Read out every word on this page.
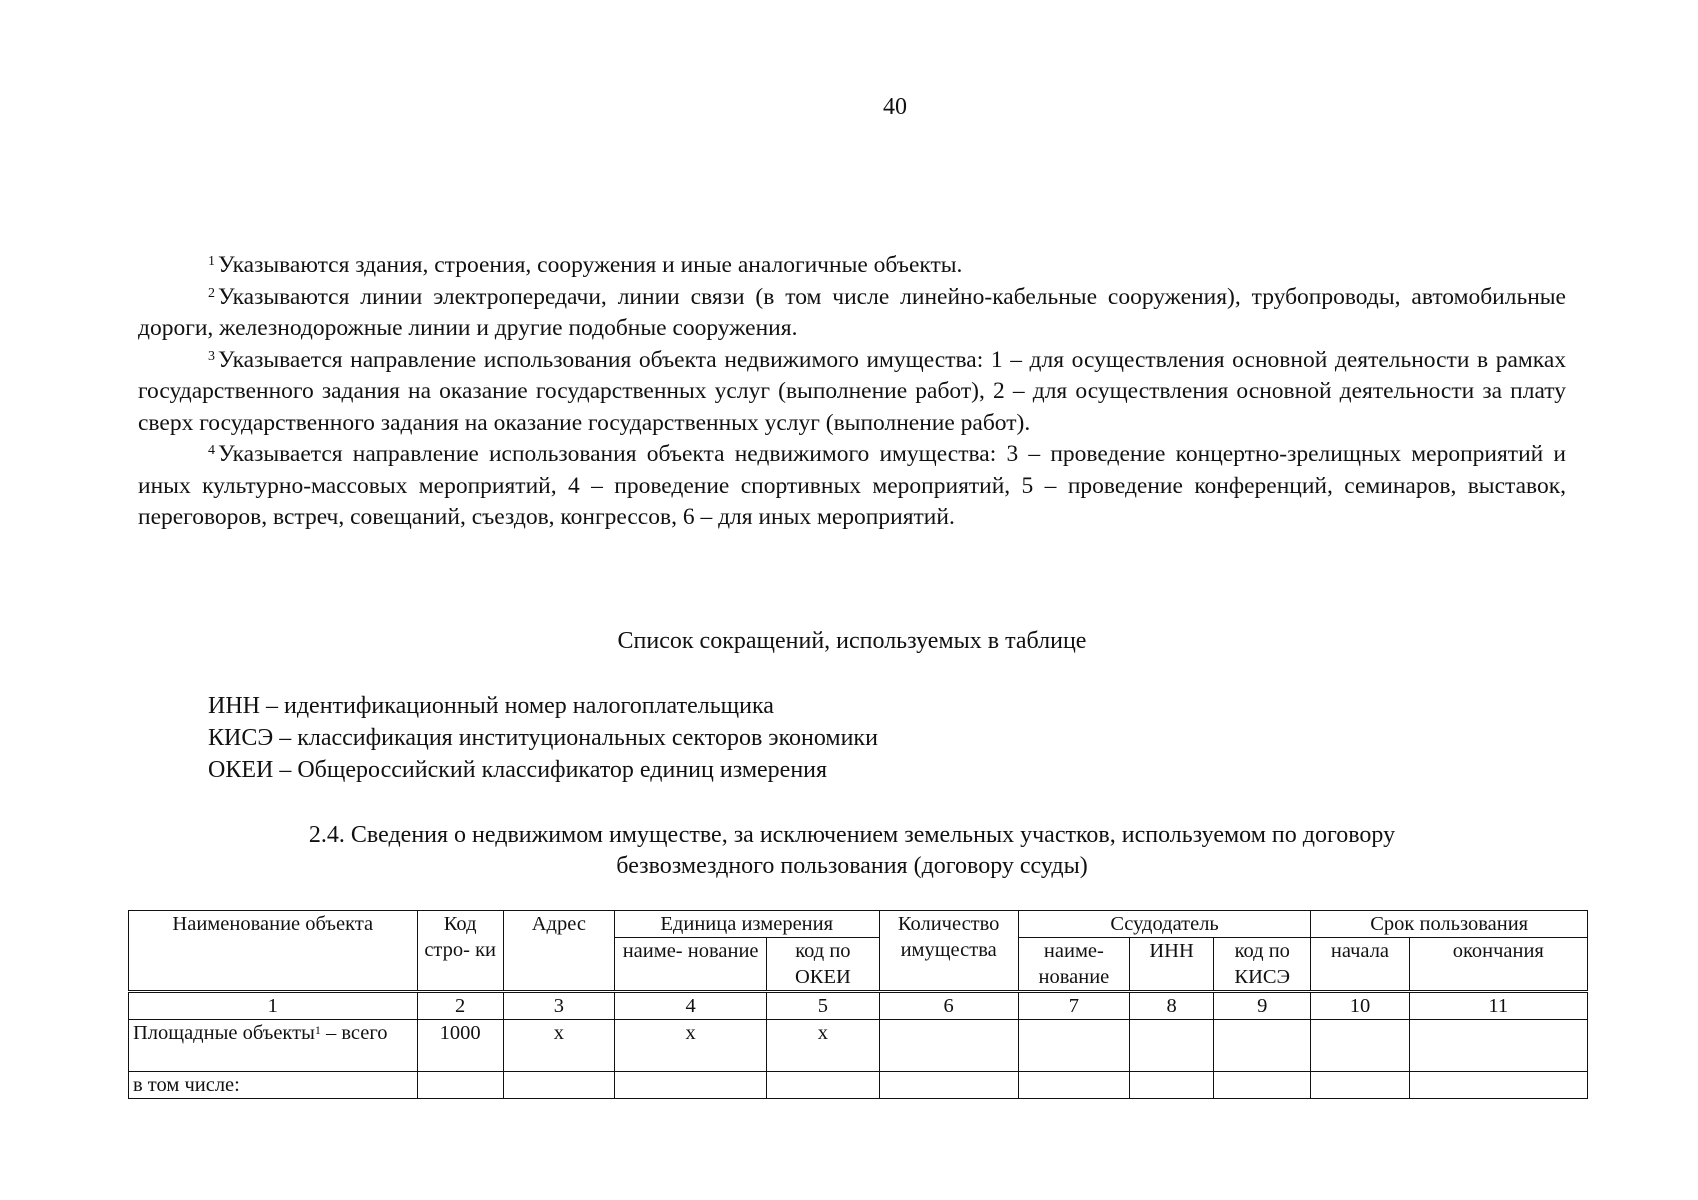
40

$^1$ Указываются здания, строения, сооружения и иные аналогичные объекты.

$^2$ Указываются линии электропередачи, линии связи (в том числе линейно-кабельные сооружения), трубопроводы, автомобильные дороги, железнодорожные линии и другие подобные сооружения.

$^3$ Указывается направление использования объекта недвижимого имущества: 1 – для осуществления основной деятельности в рамках государственного задания на оказание государственных услуг (выполнение работ), 2 – для осуществления основной деятельности за плату сверх государственного задания на оказание государственных услуг (выполнение работ).

$^4$ Указывается направление использования объекта недвижимого имущества: 3 – проведение концертно-зрелищных мероприятий и иных культурно-массовых мероприятий, 4 – проведение спортивных мероприятий, 5 – проведение конференций, семинаров, выставок, переговоров, встреч, совещаний, съездов, конгрессов, 6 – для иных мероприятий.

Список сокращений, используемых в таблице
ИНН – идентификационный номер налогоплательщика
КИСЭ – классификация институциональных секторов экономики
ОКЕИ – Общероссийский классификатор единиц измерения
2.4. Сведения о недвижимом имуществе, за исключением земельных участков, используемом по договору
безвозмездного пользования (договору ссуды)
Наименование объекта	Код стро- ки	Адрес	Единица измерения		Количество имущества	Ссудодатель			Срок пользования	
			наиме- нование	код по ОКЕИ		наиме- нование	ИНН	код по КИСЭ	начала	окончания
1	2	3	4	5	6	7	8	9	10	11
Площадные объекты$^1$ – всего	1000	x	x	x						
в том числе:										
